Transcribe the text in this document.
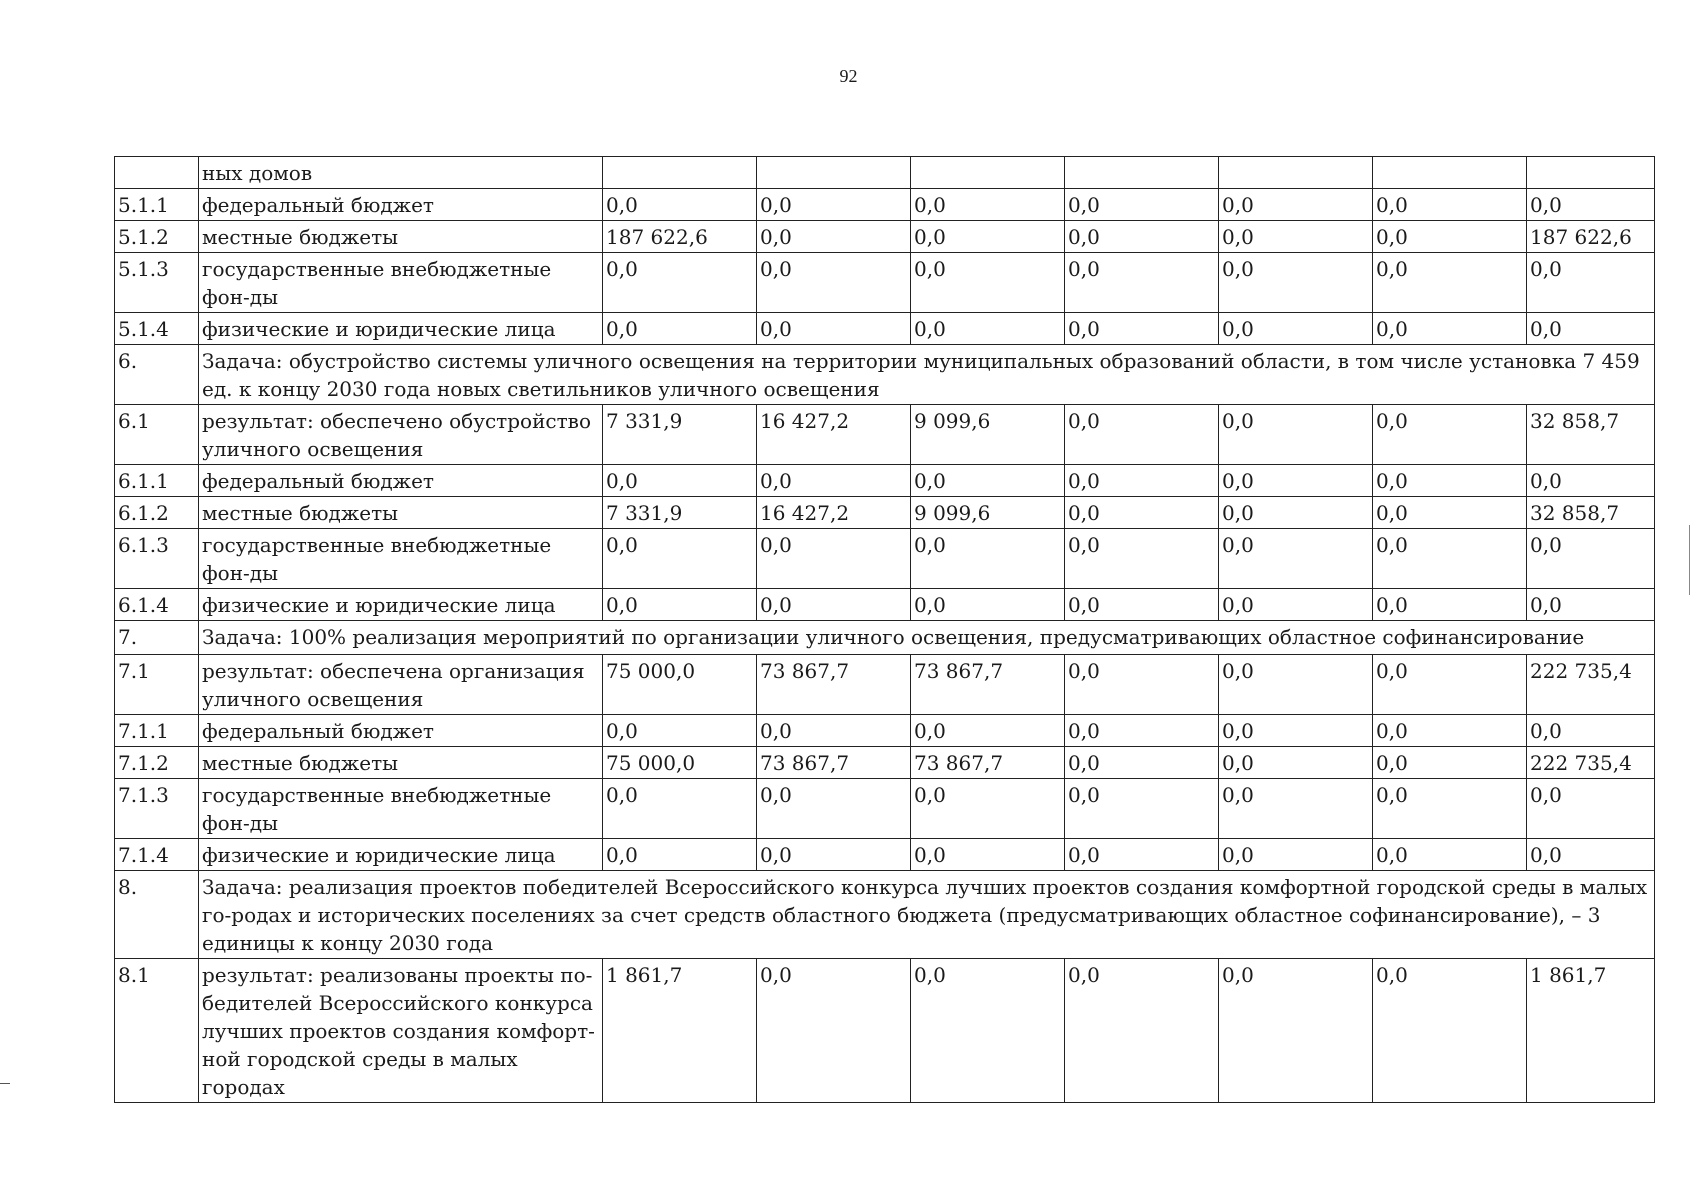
92
	ных домов							
5.1.1	федеральный бюджет	0,0	0,0	0,0	0,0	0,0	0,0	0,0
5.1.2	местные бюджеты	187 622,6	0,0	0,0	0,0	0,0	0,0	187 622,6
5.1.3	государственные внебюджетные фон-ды	0,0	0,0	0,0	0,0	0,0	0,0	0,0
5.1.4	физические и юридические лица	0,0	0,0	0,0	0,0	0,0	0,0	0,0
6.	Задача: обустройство системы уличного освещения на территории муниципальных образований области, в том числе установка 7 459 ед. к концу 2030 года новых светильников уличного освещения							
6.1	результат: обеспечено обустройство уличного освещения	7 331,9	16 427,2	9 099,6	0,0	0,0	0,0	32 858,7
6.1.1	федеральный бюджет	0,0	0,0	0,0	0,0	0,0	0,0	0,0
6.1.2	местные бюджеты	7 331,9	16 427,2	9 099,6	0,0	0,0	0,0	32 858,7
6.1.3	государственные внебюджетные фон-ды	0,0	0,0	0,0	0,0	0,0	0,0	0,0
6.1.4	физические и юридические лица	0,0	0,0	0,0	0,0	0,0	0,0	0,0
7.	Задача: 100% реализация мероприятий по организации уличного освещения, предусматривающих областное софинансирование							
7.1	результат: обеспечена организация уличного освещения	75 000,0	73 867,7	73 867,7	0,0	0,0	0,0	222 735,4
7.1.1	федеральный бюджет	0,0	0,0	0,0	0,0	0,0	0,0	0,0
7.1.2	местные бюджеты	75 000,0	73 867,7	73 867,7	0,0	0,0	0,0	222 735,4
7.1.3	государственные внебюджетные фон-ды	0,0	0,0	0,0	0,0	0,0	0,0	0,0
7.1.4	физические и юридические лица	0,0	0,0	0,0	0,0	0,0	0,0	0,0
8.	Задача: реализация проектов победителей Всероссийского конкурса лучших проектов создания комфортной городской среды в малых го-родах и исторических поселениях за счет средств областного бюджета (предусматривающих областное софинансирование), – 3 единицы к концу 2030 года							
8.1	результат: реализованы проекты по-бедителей Всероссийского конкурса лучших проектов создания комфорт-ной городской среды в малых городах	1 861,7	0,0	0,0	0,0	0,0	0,0	1 861,7
